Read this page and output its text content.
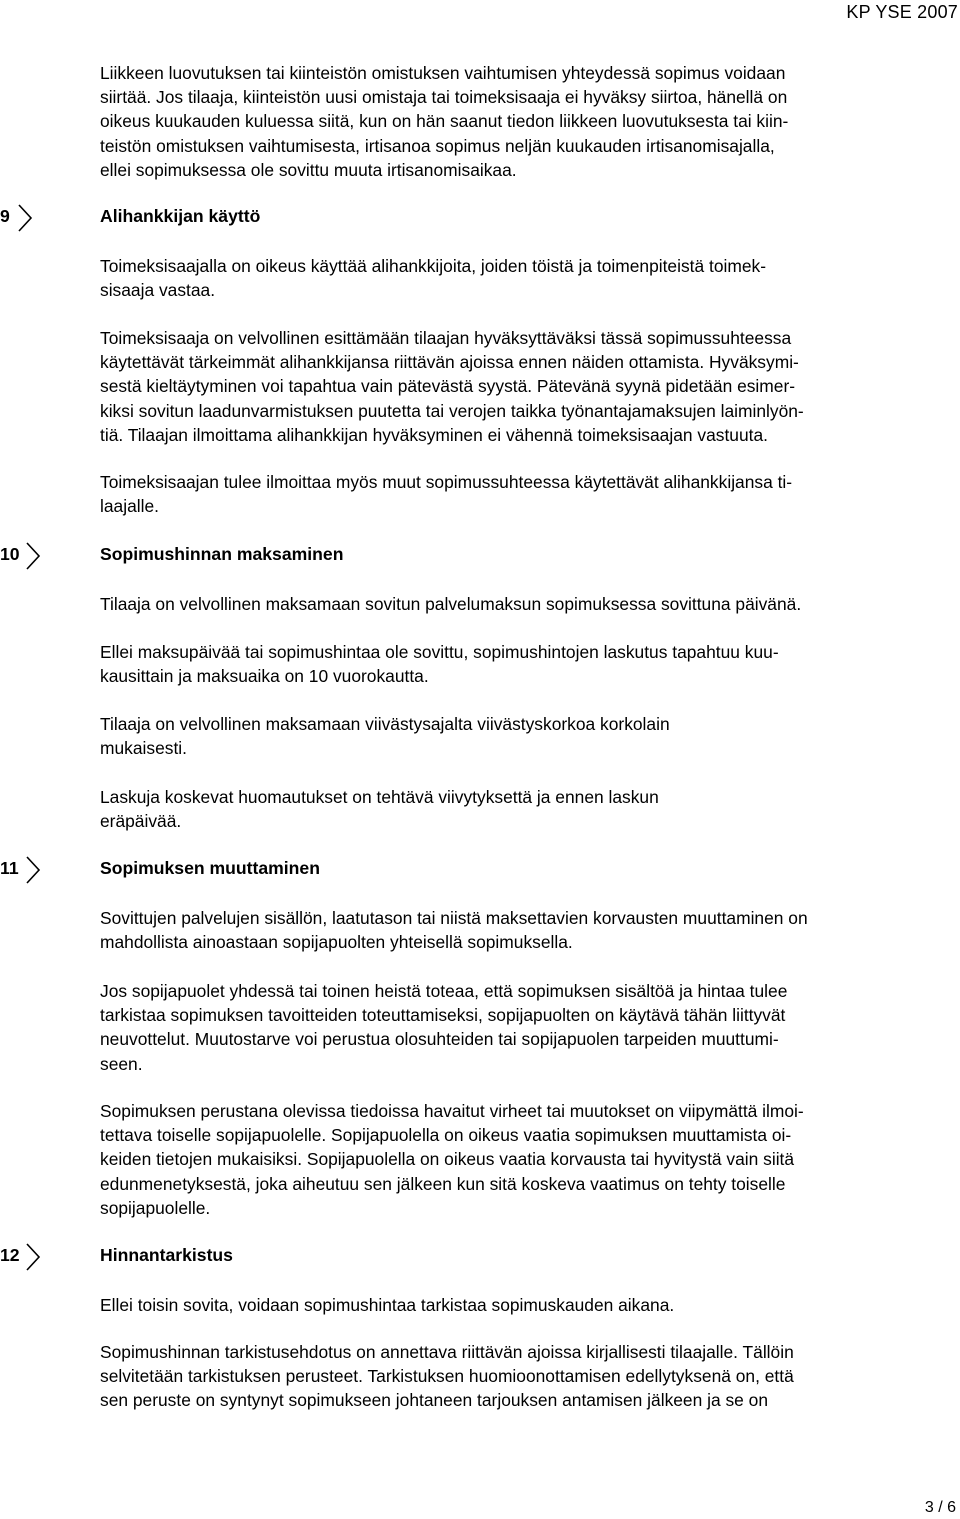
KP YSE 2007

Liikkeen luovutuksen tai kiinteistön omistuksen vaihtumisen yhteydessä sopimus voidaan
siirtää. Jos tilaaja, kiinteistön uusi omistaja tai toimeksisaaja ei hyväksy siirtoa, hänellä on
oikeus kuukauden kuluessa siitä, kun on hän saanut tiedon liikkeen luovutuksesta tai kiin-
teistön omistuksen vaihtumisesta, irtisanoa sopimus neljän kuukauden irtisanomisajalla,
ellei sopimuksessa ole sovittu muuta irtisanomisaikaa.

9	Alihankkijan käyttö

Toimeksisaajalla on oikeus käyttää alihankkijoita, joiden töistä ja toimenpiteistä toimek-
sisaaja vastaa.

Toimeksisaaja on velvollinen esittämään tilaajan hyväksyttäväksi tässä sopimussuhteessa
käytettävät tärkeimmät alihankkijansa riittävän ajoissa ennen näiden ottamista. Hyväksymi-
sestä kieltäytyminen voi tapahtua vain pätevästä syystä. Pätevänä syynä pidetään esimer-
kiksi sovitun laadunvarmistuksen puutetta tai verojen taikka työnantajamaksujen laiminlyön-
tiä. Tilaajan ilmoittama alihankkijan hyväksyminen ei vähennä toimeksisaajan vastuuta.

Toimeksisaajan tulee ilmoittaa myös muut sopimussuhteessa käytettävät alihankkijansa ti-
laajalle.

10	Sopimushinnan maksaminen

Tilaaja on velvollinen maksamaan sovitun palvelumaksun sopimuksessa sovittuna päivänä.

Ellei maksupäivää tai sopimushintaa ole sovittu, sopimushintojen laskutus tapahtuu kuu-
kausittain ja maksuaika on 10 vuorokautta.

Tilaaja on velvollinen maksamaan viivästysajalta viivästyskorkoa korkolain
mukaisesti.

Laskuja koskevat huomautukset on tehtävä viivytyksettä ja ennen laskun
eräpäivää.

11	Sopimuksen muuttaminen

Sovittujen palvelujen sisällön, laatutason tai niistä maksettavien korvausten muuttaminen on
mahdollista ainoastaan sopijapuolten yhteisellä sopimuksella.

Jos sopijapuolet yhdessä tai toinen heistä toteaa, että sopimuksen sisältöä ja hintaa tulee
tarkistaa sopimuksen tavoitteiden toteuttamiseksi, sopijapuolten on käytävä tähän liittyvät
neuvottelut. Muutostarve voi perustua olosuhteiden tai sopijapuolen tarpeiden muuttumi-
seen.

Sopimuksen perustana olevissa tiedoissa havaitut virheet tai muutokset on viipymättä ilmoi-
tettava toiselle sopijapuolelle. Sopijapuolella on oikeus vaatia sopimuksen muuttamista oi-
keiden tietojen mukaisiksi. Sopijapuolella on oikeus vaatia korvausta tai hyvitystä vain siitä
edunmenetyksestä, joka aiheutuu sen jälkeen kun sitä koskeva vaatimus on tehty toiselle
sopijapuolelle.

12	Hinnantarkistus

Ellei toisin sovita, voidaan sopimushintaa tarkistaa sopimuskauden aikana.

Sopimushinnan tarkistusehdotus on annettava riittävän ajoissa kirjallisesti tilaajalle. Tällöin
selvitetään tarkistuksen perusteet. Tarkistuksen huomioonottamisen edellytyksenä on, että
sen peruste on syntynyt sopimukseen johtaneen tarjouksen antamisen jälkeen ja se on

3 / 6
